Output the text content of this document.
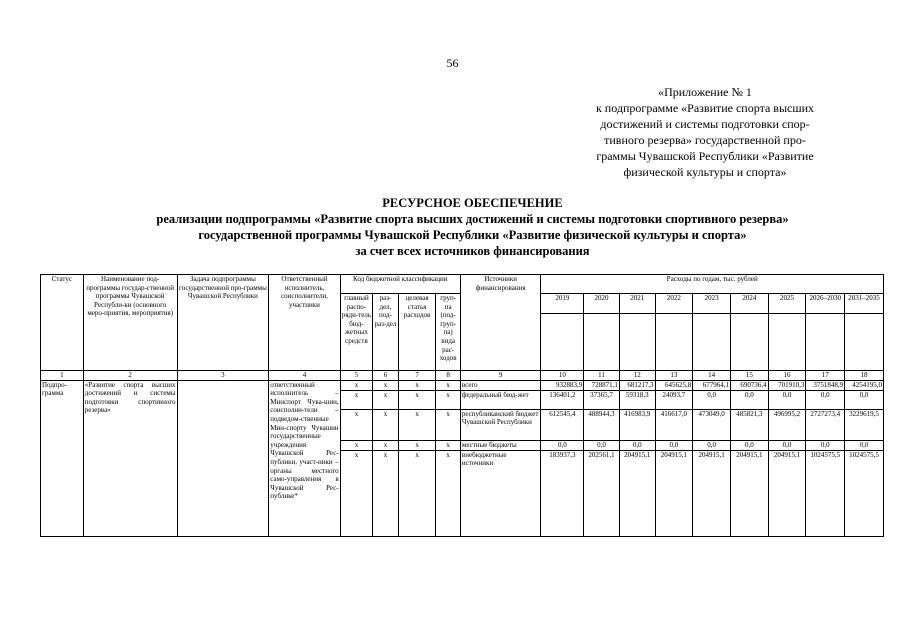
56
«Приложение № 1
к подпрограмме «Развитие спорта высших
достижений и системы подготовки спор-
тивного резерва» государственной про-
граммы Чувашской Республики «Развитие
физической культуры и спорта»
РЕСУРСНОЕ ОБЕСПЕЧЕНИЕ
реализации подпрограммы «Развитие спорта высших достижений и системы подготовки спортивного резерва»
государственной программы Чувашской Республики «Развитие физической культуры и спорта»
за счет всех источников финансирования
Статус	Наименование под-программы государ-ственной программы Чувашской Республи-ки (основного меро-приятия, мероприятия)	Задача подпрограммы государственной про-граммы Чувашской Республики	Ответственный исполнитель, соисполнители, участники	Код бюджетной классификации				Источники финансирования	Расходы по годам, тыс. рублей								
				главный распо-ряди-тель бюд-жетных средств	раз-дел, под-раз-дел	целевая статья расходов	груп-па (под-груп-па) вида рас-ходов		2019	2020	2021	2022	2023	2024	2025	2026–2030	2031–2035

1	2	3	4	5	6	7	8	9	10	11	12	13	14	15	16	17	18
Подпро-грамма	«Развитие спорта высших достижений и системы подготовки спортивного резерва»		ответственный исполнитель – Минспорт Чува-шии, соисполни-тели – подведом-ственные Мин-спорту Чувашии государственные учреждения Чувашской Рес-публики, участ-ники – органы местного само-управления в Чувашской Рес-публике*	x	x	x	x	всего	932883,9	728871,1	681217,3	645625,8	677964,1	690736,4	701910,3	3751848,9	4254195,0
				x	x	x	x	федеральный бюд-жет	136401,2	37365,7	59318,3	24093,7	0,0	0,0	0,0	0,0	0,0
				x	x	x	x	республиканский бюджет Чувашской Республики	612545,4	488944,3	416983,9	416617,0	473049,0	485821,3	496995,2	2727273,4	3229619,5
				x	x	x	x	местные бюджеты	0,0	0,0	0,0	0,0	0,0	0,0	0,0	0,0	0,0
				x	x	x	x	внебюджетные источники	183937,3	202561,1	204915,1	204915,1	204915,1	204915,1	204915,1	1024575,5	1024575,5
